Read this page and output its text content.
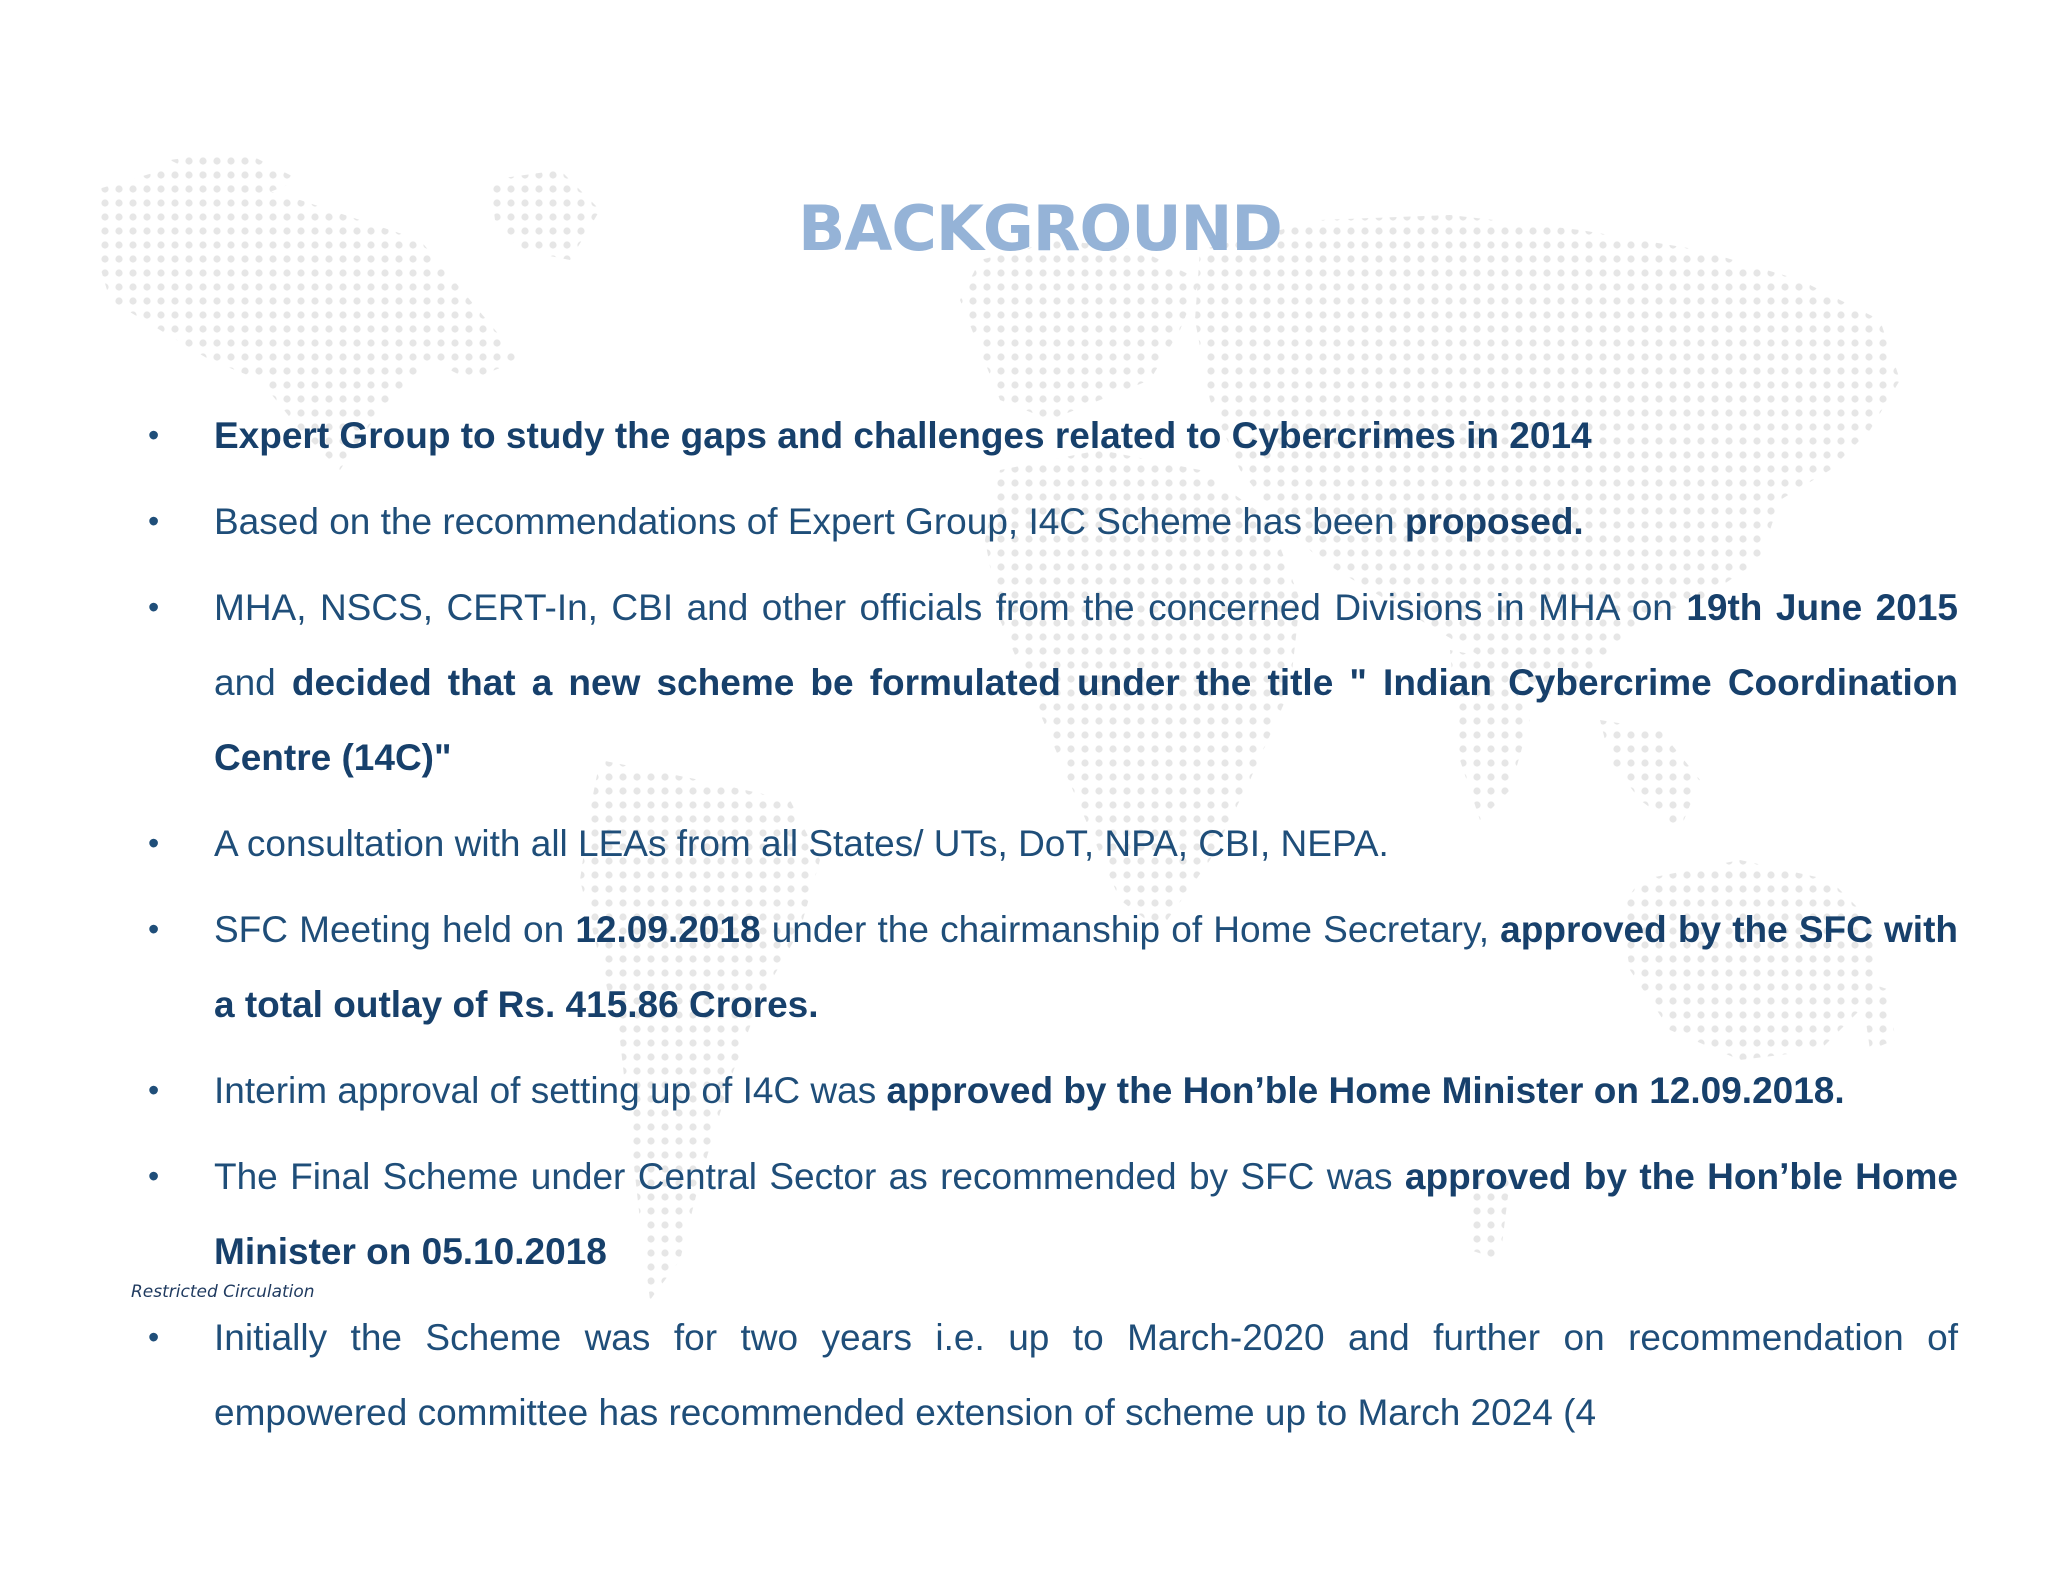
BACKGROUND
• Expert Group to study the gaps and challenges related to Cybercrimes in 2014
• Based on the recommendations of Expert Group, I4C Scheme has been proposed.
• MHA, NSCS, CERT-In, CBI and other officials from the concerned Divisions in MHA on 19th June 2015 and decided that a new scheme be formulated under the title " Indian Cybercrime Coordination Centre (14C)"
• A consultation with all LEAs from all States/ UTs, DoT, NPA, CBI, NEPA.
• SFC Meeting held on 12.09.2018 under the chairmanship of Home Secretary, approved by the SFC with a total outlay of Rs. 415.86 Crores.
• Interim approval of setting up of I4C was approved by the Hon’ble Home Minister on 12.09.2018.
• The Final Scheme under Central Sector as recommended by SFC was approved by the Hon’ble Home Minister on 05.10.2018
• Initially the Scheme was for two years i.e. up to March-2020 and further on recommendation of empowered committee has recommended extension of scheme up to March 2024 (4
Restricted Circulation
